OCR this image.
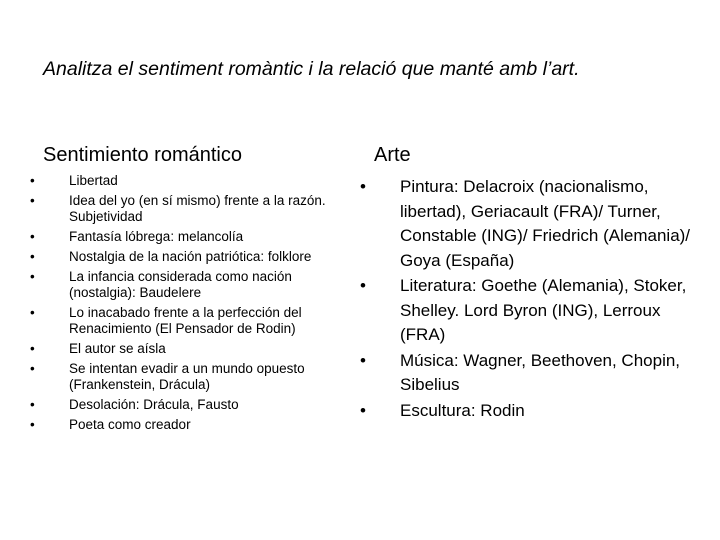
Analitza el sentiment romàntic i la relació que manté amb l’art.
Sentimiento romántico	Arte
•	Libertad
•	Idea del yo (en sí mismo) frente a la razón. Subjetividad
•	Fantasía lóbrega: melancolía
•	Nostalgia de la nación patriótica: folklore
•	La infancia considerada como nación (nostalgia): Baudelere
•	Lo inacabado frente a la perfección del Renacimiento (El Pensador de Rodin)
•	El autor se aísla
•	Se intentan evadir a un mundo opuesto (Frankenstein, Drácula)
•	Desolación: Drácula, Fausto
•	Poeta como creador
• Pintura: Delacroix (nacionalismo, libertad), Geriacault (FRA)/ Turner, Constable (ING)/ Friedrich (Alemania)/ Goya (España)
• Literatura: Goethe (Alemania), Stoker, Shelley. Lord Byron (ING), Lerroux (FRA)
• Música: Wagner, Beethoven, Chopin, Sibelius
• Escultura: Rodin
